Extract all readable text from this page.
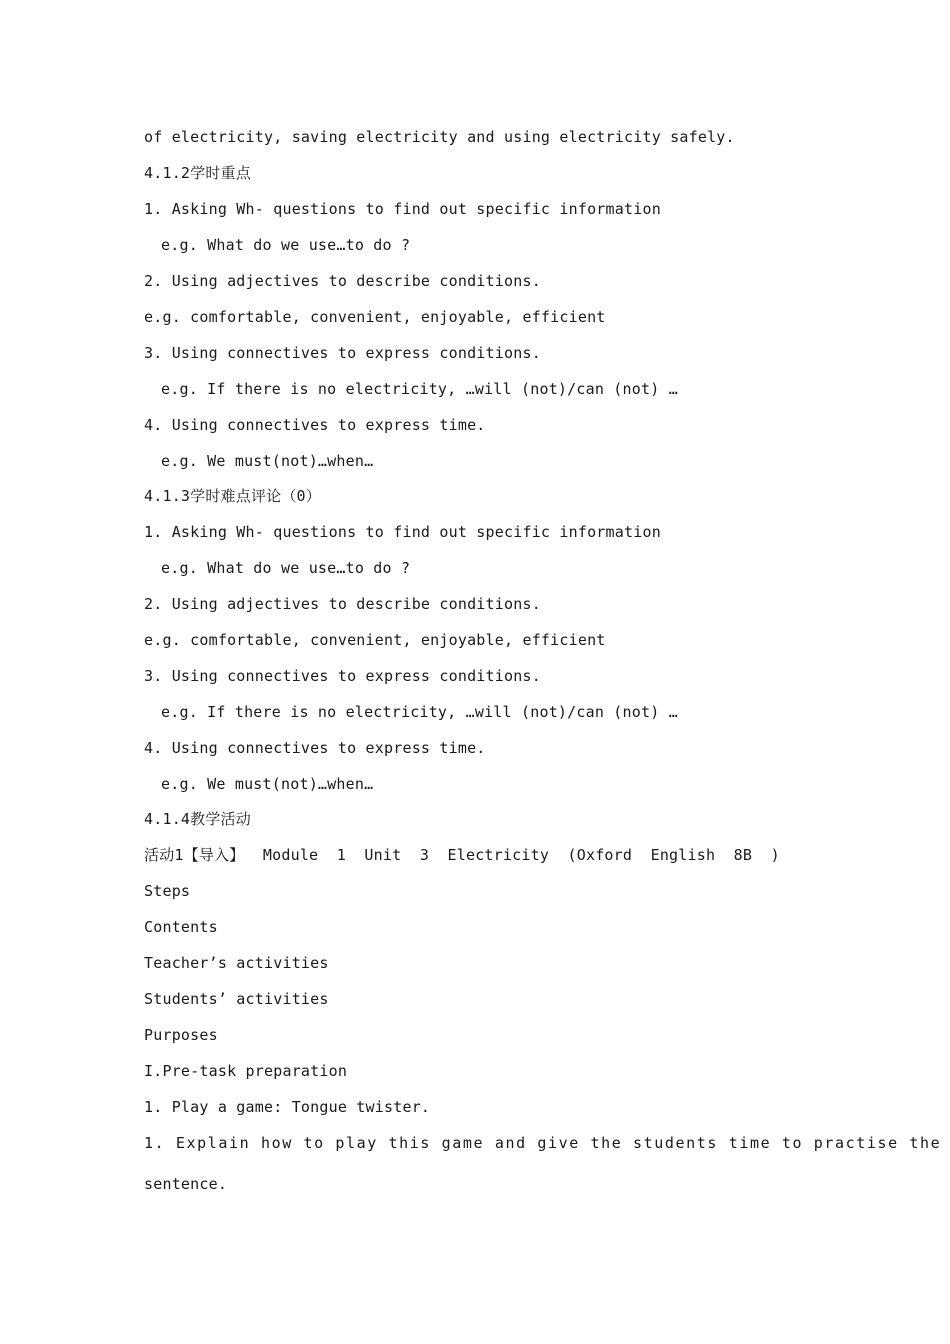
of electricity, saving electricity and using electricity safely.
4.1.2学时重点
1. Asking Wh- questions to find out specific information
e.g. What do we use…to do ?
2. Using adjectives to describe conditions.
e.g. comfortable, convenient, enjoyable, efficient
3. Using connectives to express conditions.
e.g. If there is no electricity, …will (not)/can (not) …
4. Using connectives to express time.
e.g. We must(not)…when…
4.1.3学时难点评论（0）
1. Asking Wh- questions to find out specific information
e.g. What do we use…to do ?
2. Using adjectives to describe conditions.
e.g. comfortable, convenient, enjoyable, efficient
3. Using connectives to express conditions.
e.g. If there is no electricity, …will (not)/can (not) …
4. Using connectives to express time.
e.g. We must(not)…when…
4.1.4教学活动
活动1【导入】  Module  1  Unit  3  Electricity  (Oxford  English  8B  )
Steps
Contents
Teacher’s activities
Students’ activities
Purposes
I.Pre-task preparation
1. Play a game: Tongue twister.
1. Explain how to play this game and give the students time to practise the
sentence.
